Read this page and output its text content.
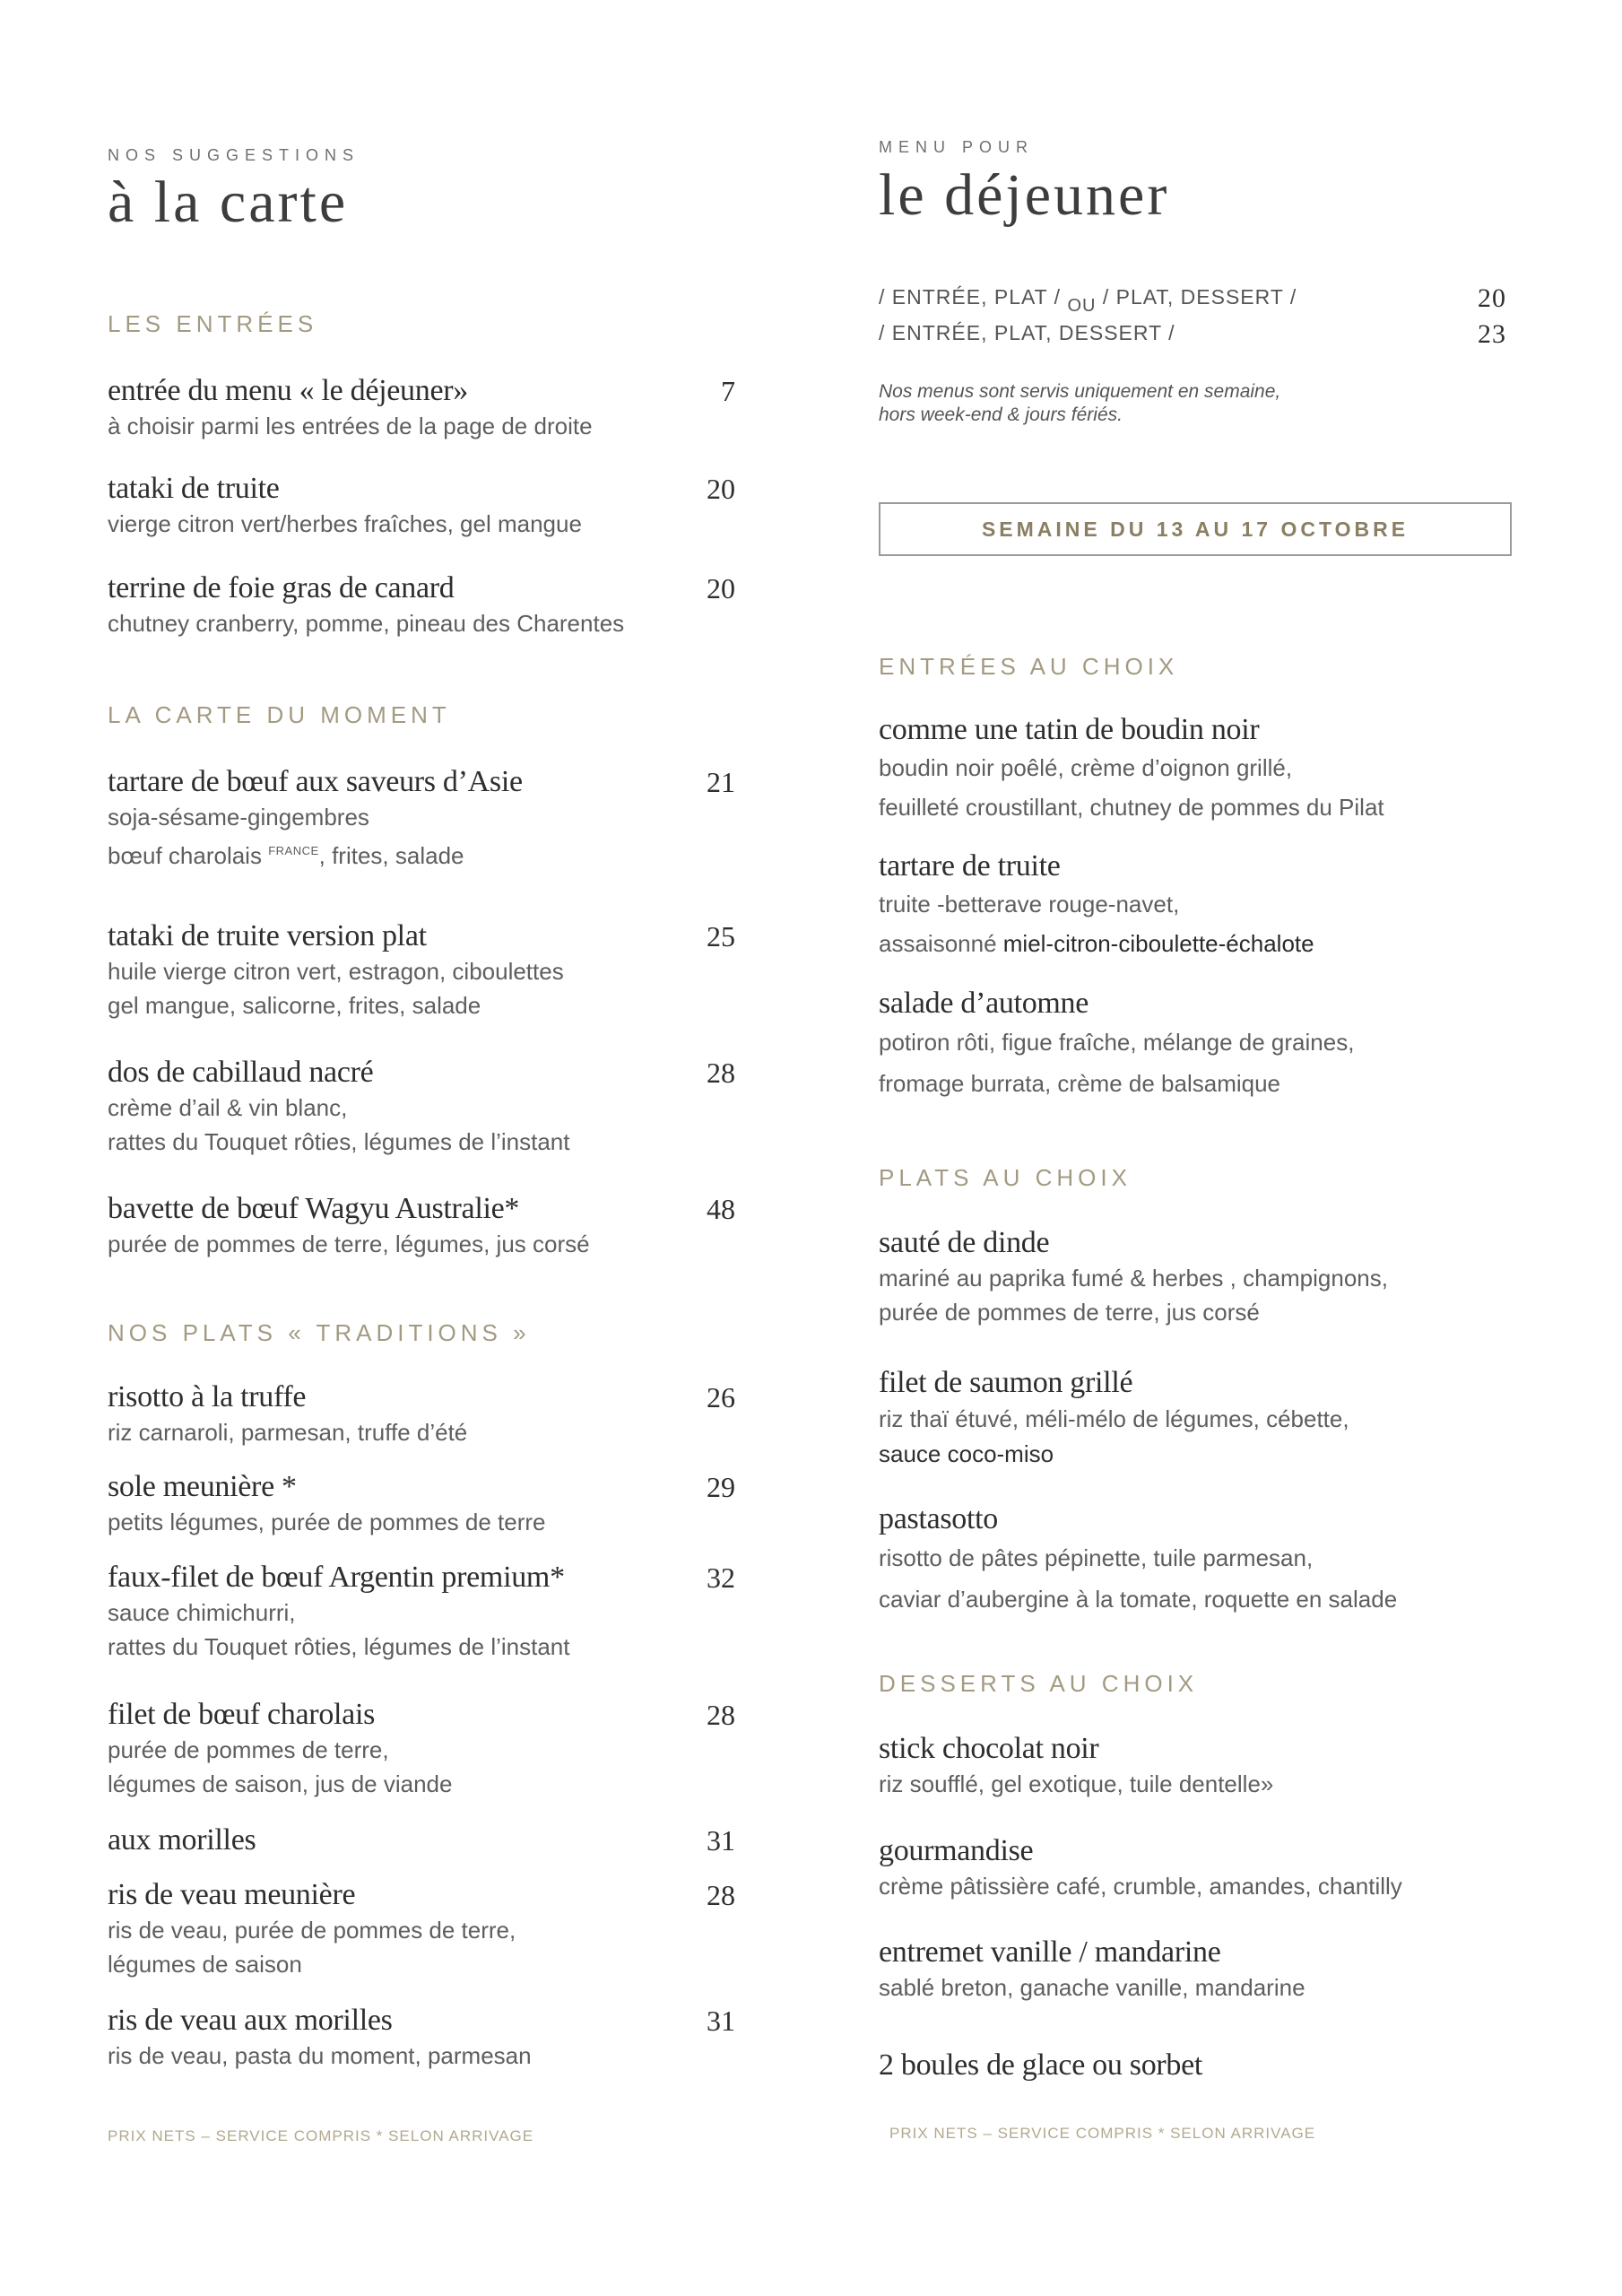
NOS SUGGESTIONS
à la carte
LES ENTRÉES
entrée du menu « le déjeuner»	7
à choisir parmi les entrées de la page de droite
tataki de truite	20
vierge citron vert/herbes fraîches, gel mangue
terrine de foie gras de canard	20
chutney cranberry, pomme, pineau des Charentes
LA CARTE DU MOMENT
tartare de bœuf aux saveurs d’Asie	21
soja-sésame-gingembres
bœuf charolais $^{FRANCE}$, frites, salade
tataki de truite version plat	25
huile vierge citron vert, estragon, ciboulettes
gel mangue, salicorne, frites, salade
dos de cabillaud nacré	28
crème d’ail & vin blanc,
rattes du Touquet rôties, légumes de l’instant
bavette de bœuf Wagyu Australie*	48
purée de pommes de terre, légumes, jus corsé
NOS PLATS « TRADITIONS »
risotto à la truffe	26
riz carnaroli, parmesan, truffe d’été
sole meunière *	29
petits légumes, purée de pommes de terre
faux-filet de bœuf Argentin premium*	32
sauce chimichurri,
rattes du Touquet rôties, légumes de l’instant
filet de bœuf charolais	28
purée de pommes de terre,
légumes de saison, jus de viande
aux morilles	31
ris de veau meunière	28
ris de veau, purée de pommes de terre,
légumes de saison
ris de veau aux morilles	31
ris de veau, pasta du moment, parmesan
PRIX NETS – SERVICE COMPRIS * SELON ARRIVAGE
MENU POUR
le déjeuner
/ ENTRÉE, PLAT / OU / PLAT, DESSERT /	20
/ ENTRÉE, PLAT, DESSERT /	23
Nos menus sont servis uniquement en semaine,
hors week-end & jours fériés.
SEMAINE DU 13 AU 17 OCTOBRE
ENTRÉES AU CHOIX
comme une tatin de boudin noir
boudin noir poêlé, crème d’oignon grillé,
feuilleté croustillant, chutney de pommes du Pilat
tartare de truite
truite -betterave rouge-navet,
assaisonné miel-citron-ciboulette-échalote
salade d’automne
potiron rôti, figue fraîche, mélange de graines,
fromage burrata, crème de balsamique
PLATS AU CHOIX
sauté de dinde
mariné au paprika fumé & herbes , champignons,
purée de pommes de terre, jus corsé
filet de saumon grillé
riz thaï étuvé, méli-mélo de légumes, cébette,
sauce coco-miso
pastasotto
risotto de pâtes pépinette, tuile parmesan,
caviar d’aubergine à la tomate, roquette en salade
DESSERTS AU CHOIX
stick chocolat noir
riz soufflé, gel exotique, tuile dentelle»
gourmandise
crème pâtissière café, crumble, amandes, chantilly
entremet vanille / mandarine
sablé breton, ganache vanille, mandarine
2 boules de glace ou sorbet
PRIX NETS – SERVICE COMPRIS * SELON ARRIVAGE
